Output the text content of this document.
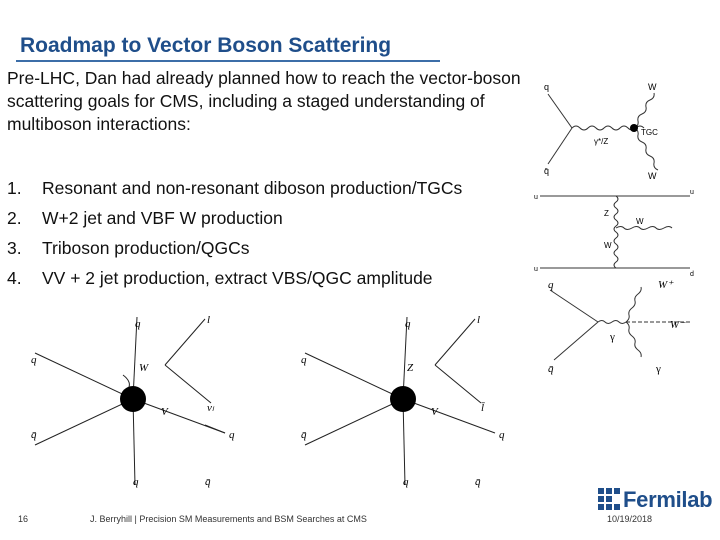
Roadmap to Vector Boson Scattering
Pre-LHC, Dan had already planned how to reach the vector-boson scattering goals for CMS, including a staged understanding of multiboson interactions:
1.	Resonant and non-resonant diboson production/TGCs
2.	W+2 jet and VBF W production
3.	Triboson production/QGCs
4.	VV + 2 jet production, extract VBS/QGC amplitude
q
q̄
W
W
TGC
γ*/Z
u
u
Z
W
W
u
d
q
q̄
W⁺
W⁻
γ
γ
q	l
q
W
V	νₗ
q̄	q
q	q̄
q	l
q
Z
V	l̄
q̄	q
q	q̄
16	J. Berryhill | Precision SM Measurements and BSM Searches at CMS	10/19/2018
Fermilab
